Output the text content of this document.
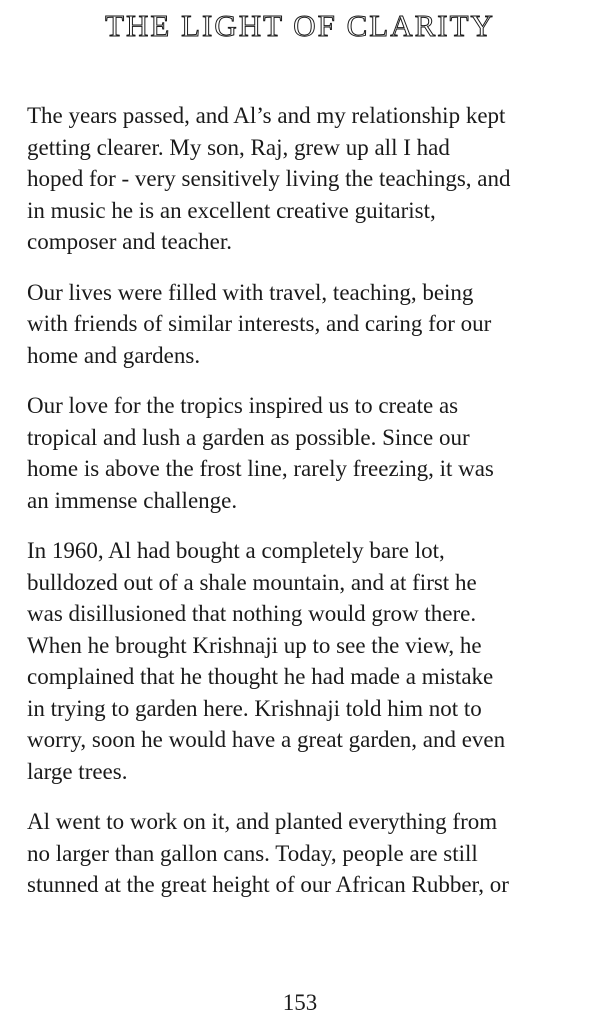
THE LIGHT OF CLARITY

The years passed, and Al’s and my relationship kept
getting clearer. My son, Raj, grew up all I had
hoped for - very sensitively living the teachings, and
in music he is an excellent creative guitarist,
composer and teacher.

Our lives were filled with travel, teaching, being
with friends of similar interests, and caring for our
home and gardens.

Our love for the tropics inspired us to create as
tropical and lush a garden as possible. Since our
home is above the frost line, rarely freezing, it was
an immense challenge.

In 1960, Al had bought a completely bare lot,
bulldozed out of a shale mountain, and at first he
was disillusioned that nothing would grow there.
When he brought Krishnaji up to see the view, he
complained that he thought he had made a mistake
in trying to garden here. Krishnaji told him not to
worry, soon he would have a great garden, and even
large trees.

Al went to work on it, and planted everything from
no larger than gallon cans. Today, people are still
stunned at the great height of our African Rubber, or

153
